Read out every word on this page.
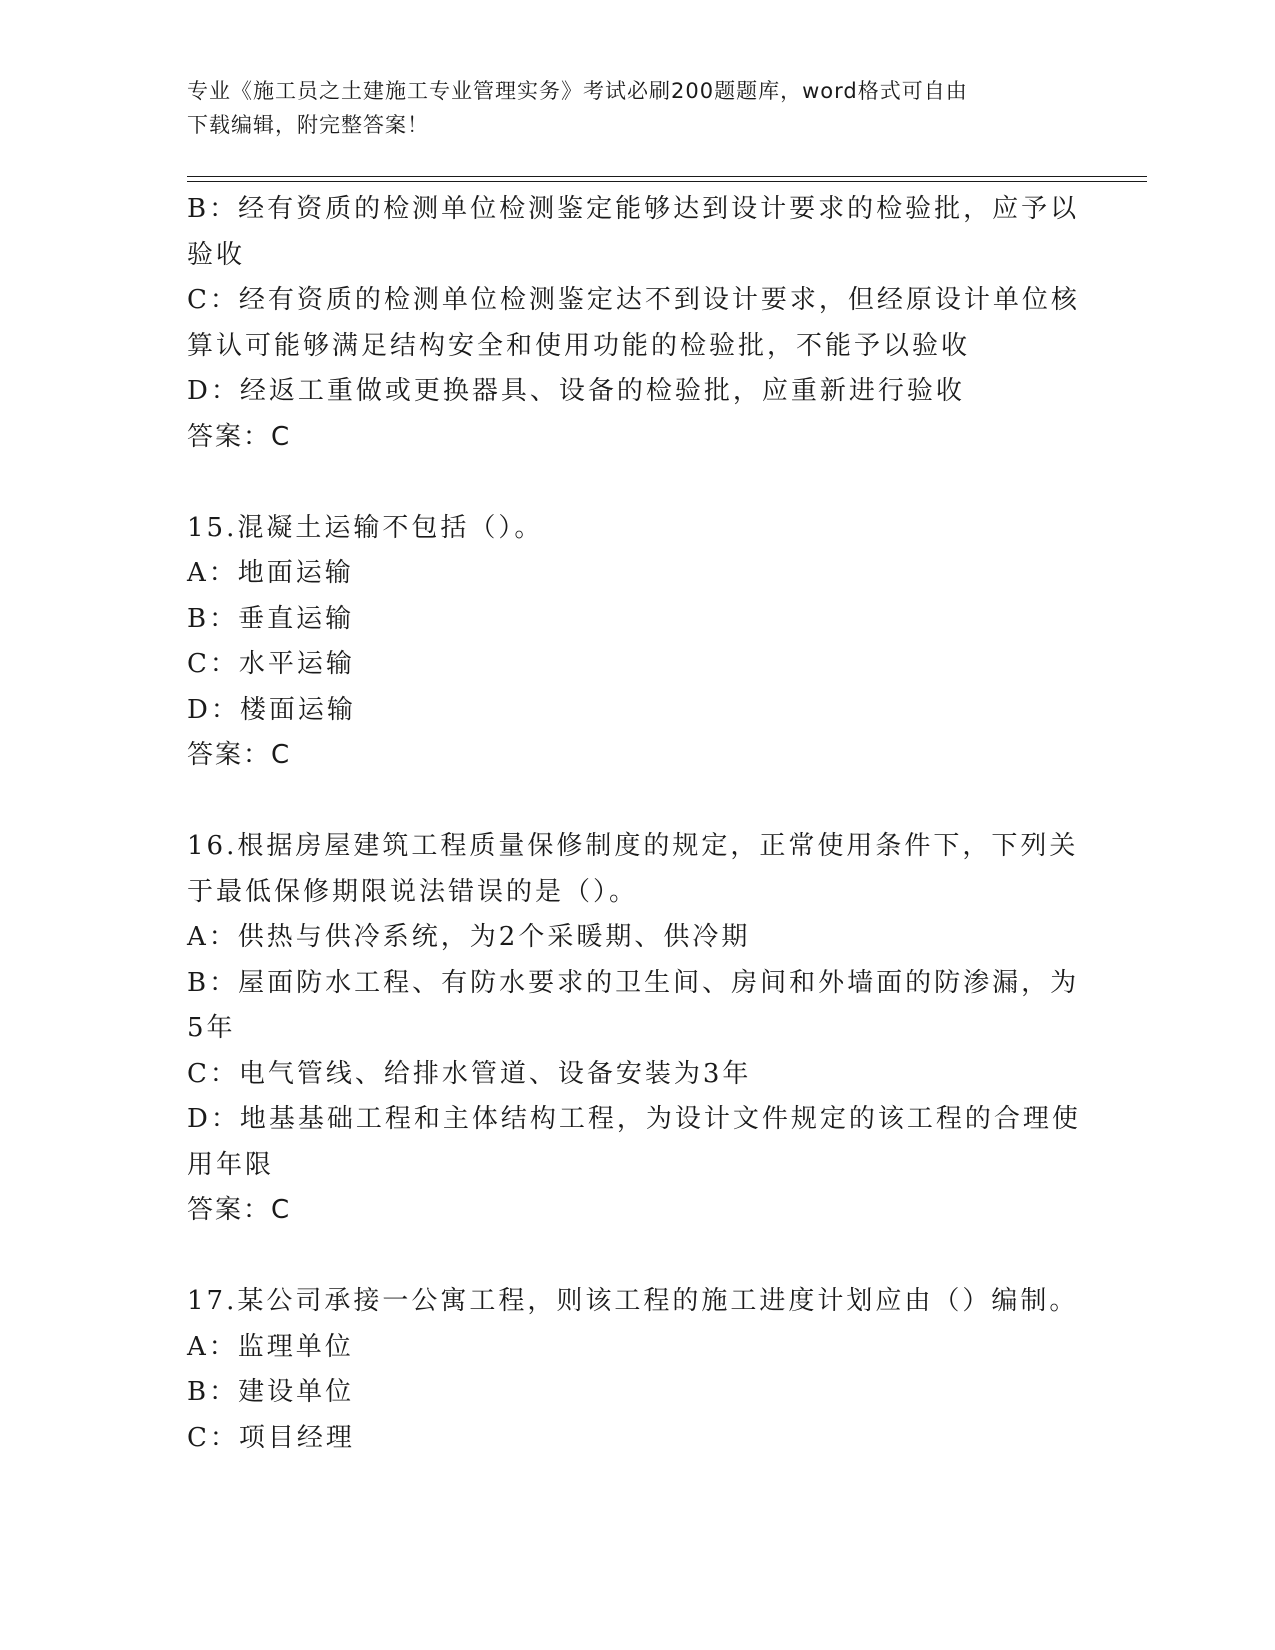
专业《施工员之土建施工专业管理实务》考试必刷200题题库，word格式可自由
下载编辑，附完整答案！
B：经有资质的检测单位检测鉴定能够达到设计要求的检验批，应予以
验收
C：经有资质的检测单位检测鉴定达不到设计要求，但经原设计单位核
算认可能够满足结构安全和使用功能的检验批，不能予以验收
D：经返工重做或更换器具、设备的检验批，应重新进行验收
答案：C
15.混凝土运输不包括（）。
A：地面运输
B：垂直运输
C：水平运输
D：楼面运输
答案：C
16.根据房屋建筑工程质量保修制度的规定，正常使用条件下，下列关
于最低保修期限说法错误的是（）。
A：供热与供冷系统，为2个采暖期、供冷期
B：屋面防水工程、有防水要求的卫生间、房间和外墙面的防渗漏，为
5年
C：电气管线、给排水管道、设备安装为3年
D：地基基础工程和主体结构工程，为设计文件规定的该工程的合理使
用年限
答案：C
17.某公司承接一公寓工程，则该工程的施工进度计划应由（）编制。
A：监理单位
B：建设单位
C：项目经理
